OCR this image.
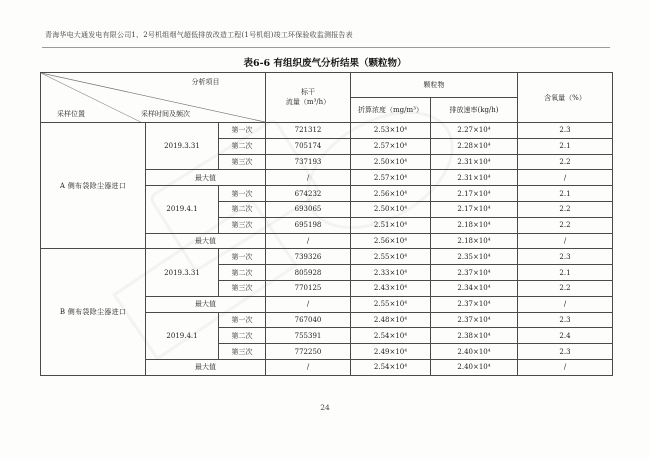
青海华电大通发电有限公司1、2号机组烟气超低排放改造工程(1号机组)竣工环保验收监测报告表
表6-6 有组织废气分析结果（颗粒物）
分析项目
采样时间及频次
采样位置

标干
流量（m³/h）
	颗粒物	含氧量（%）
				折算浓度（mg/m³）	排放速率(kg/h)	
A 侧布袋除尘器进口	2019.3.31	第一次	721312	2.53×10⁴	2.27×10⁴	2.3
		第二次	705174	2.57×10⁴	2.28×10⁴	2.1
		第三次	737193	2.50×10⁴	2.31×10⁴	2.2
	最大值		/	2.57×10⁴	2.31×10⁴	/
	2019.4.1	第一次	674232	2.56×10⁴	2.17×10⁴	2.1
		第二次	693065	2.50×10⁴	2.17×10⁴	2.2
		第三次	695198	2.51×10⁴	2.18×10⁴	2.2
	最大值		/	2.56×10⁴	2.18×10⁴	/
B 侧布袋除尘器进口	2019.3.31	第一次	739326	2.55×10⁴	2.35×10⁴	2.3
		第二次	805928	2.33×10⁴	2.37×10⁴	2.1
		第三次	770125	2.43×10⁴	2.34×10⁴	2.2
	最大值		/	2.55×10⁴	2.37×10⁴	/
	2019.4.1	第一次	767040	2.48×10⁴	2.37×10⁴	2.3
		第二次	755391	2.54×10⁴	2.38×10⁴	2.4
		第三次	772250	2.49×10⁴	2.40×10⁴	2.3
	最大值		/	2.54×10⁴	2.40×10⁴	/
24
